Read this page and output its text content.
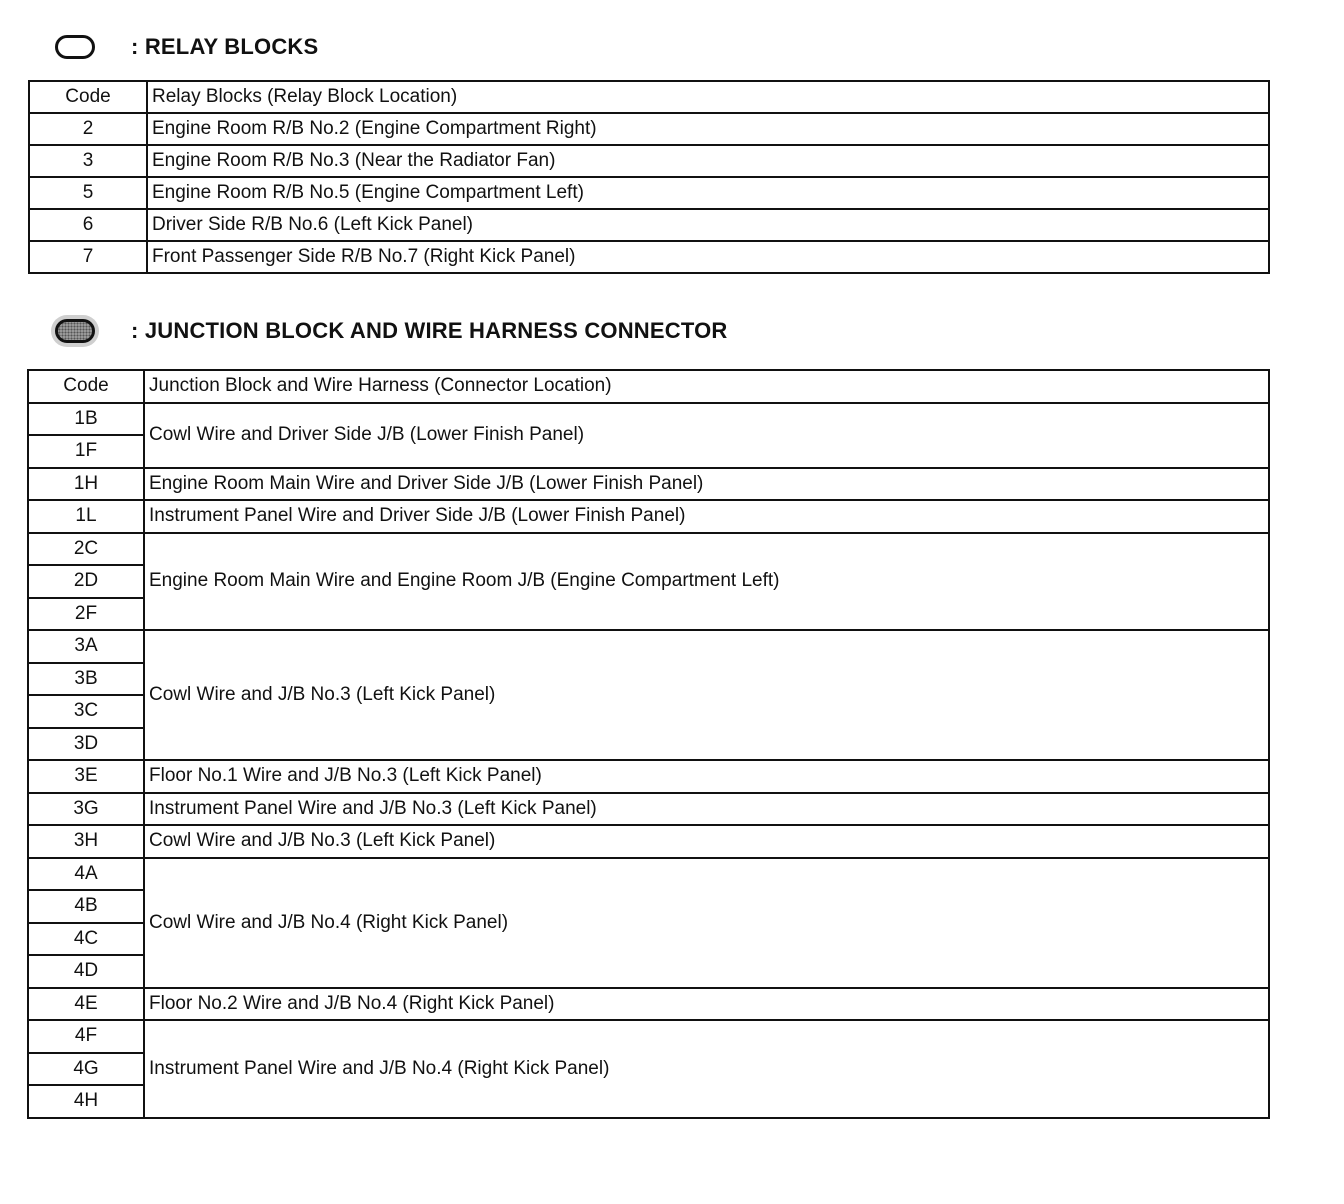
: RELAY BLOCKS
Code	Relay Blocks (Relay Block Location)
2	Engine Room R/B No.2 (Engine Compartment Right)
3	Engine Room R/B No.3 (Near the Radiator Fan)
5	Engine Room R/B No.5 (Engine Compartment Left)
6	Driver Side R/B No.6 (Left Kick Panel)
7	Front Passenger Side R/B No.7 (Right Kick Panel)
: JUNCTION BLOCK AND WIRE HARNESS CONNECTOR
Code	Junction Block and Wire Harness (Connector Location)
1B	Cowl Wire and Driver Side J/B (Lower Finish Panel)
1F	
1H	Engine Room Main Wire and Driver Side J/B (Lower Finish Panel)
1L	Instrument Panel Wire and Driver Side J/B (Lower Finish Panel)
2C	Engine Room Main Wire and Engine Room J/B (Engine Compartment Left)
2D	
2F	
3A	Cowl Wire and J/B No.3 (Left Kick Panel)
3B	
3C	
3D	
3E	Floor No.1 Wire and J/B No.3 (Left Kick Panel)
3G	Instrument Panel Wire and J/B No.3 (Left Kick Panel)
3H	Cowl Wire and J/B No.3 (Left Kick Panel)
4A	Cowl Wire and J/B No.4 (Right Kick Panel)
4B	
4C	
4D	
4E	Floor No.2 Wire and J/B No.4 (Right Kick Panel)
4F	Instrument Panel Wire and J/B No.4 (Right Kick Panel)
4G	
4H	
